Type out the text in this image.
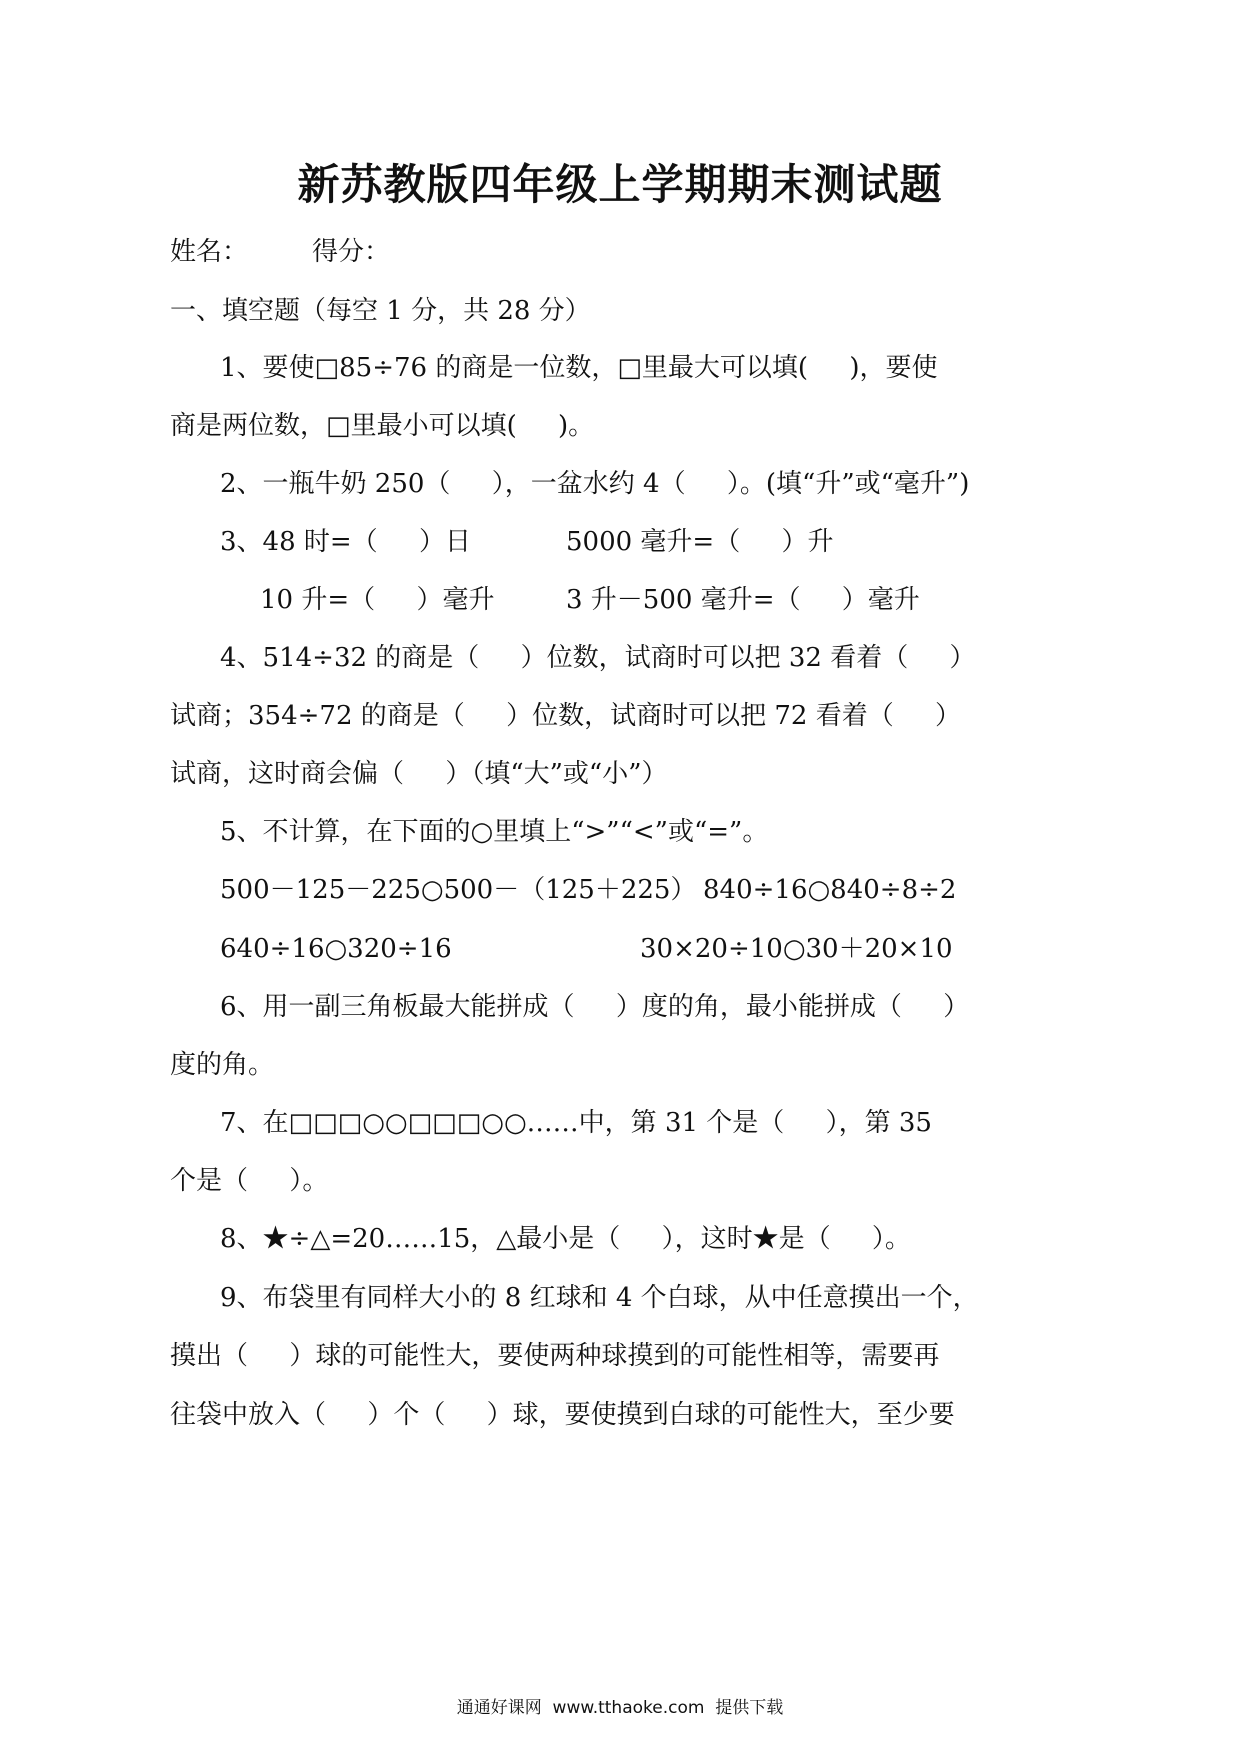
新苏教版四年级上学期期末测试题
姓名： 得分：
一、填空题（每空 1 分，共 28 分）
1、要使□85÷76 的商是一位数，□里最大可以填(     )，要使
商是两位数，□里最小可以填(     )。
2、一瓶牛奶 250（     ），一盆水约 4（     ）。(填“升”或“毫升”)
3、48 时=（     ）日	5000 毫升=（     ）升
10 升=（     ）毫升	3 升－500 毫升=（     ）毫升
4、514÷32 的商是（     ）位数，试商时可以把 32 看着（     ）
试商；354÷72 的商是（     ）位数，试商时可以把 72 看着（     ）
试商，这时商会偏（     ）（填“大”或“小”）
5、不计算，在下面的○里填上“>”“<”或“=”。
500－125－225○500－（125＋225） 840÷16○840÷8÷2
640÷16○320÷16	30×20÷10○30＋20×10
6、用一副三角板最大能拼成（     ）度的角，最小能拼成（     ）
度的角。
7、在□□□○○□□□○○……中，第 31 个是（     ），第 35
个是（     ）。
8、★÷△=20……15，△最小是（     ），这时★是（     ）。
9、布袋里有同样大小的 8 红球和 4 个白球，从中任意摸出一个，
摸出（     ）球的可能性大，要使两种球摸到的可能性相等，需要再
往袋中放入（     ）个（     ）球，要使摸到白球的可能性大，至少要
通通好课网  www.tthaoke.com  提供下载
